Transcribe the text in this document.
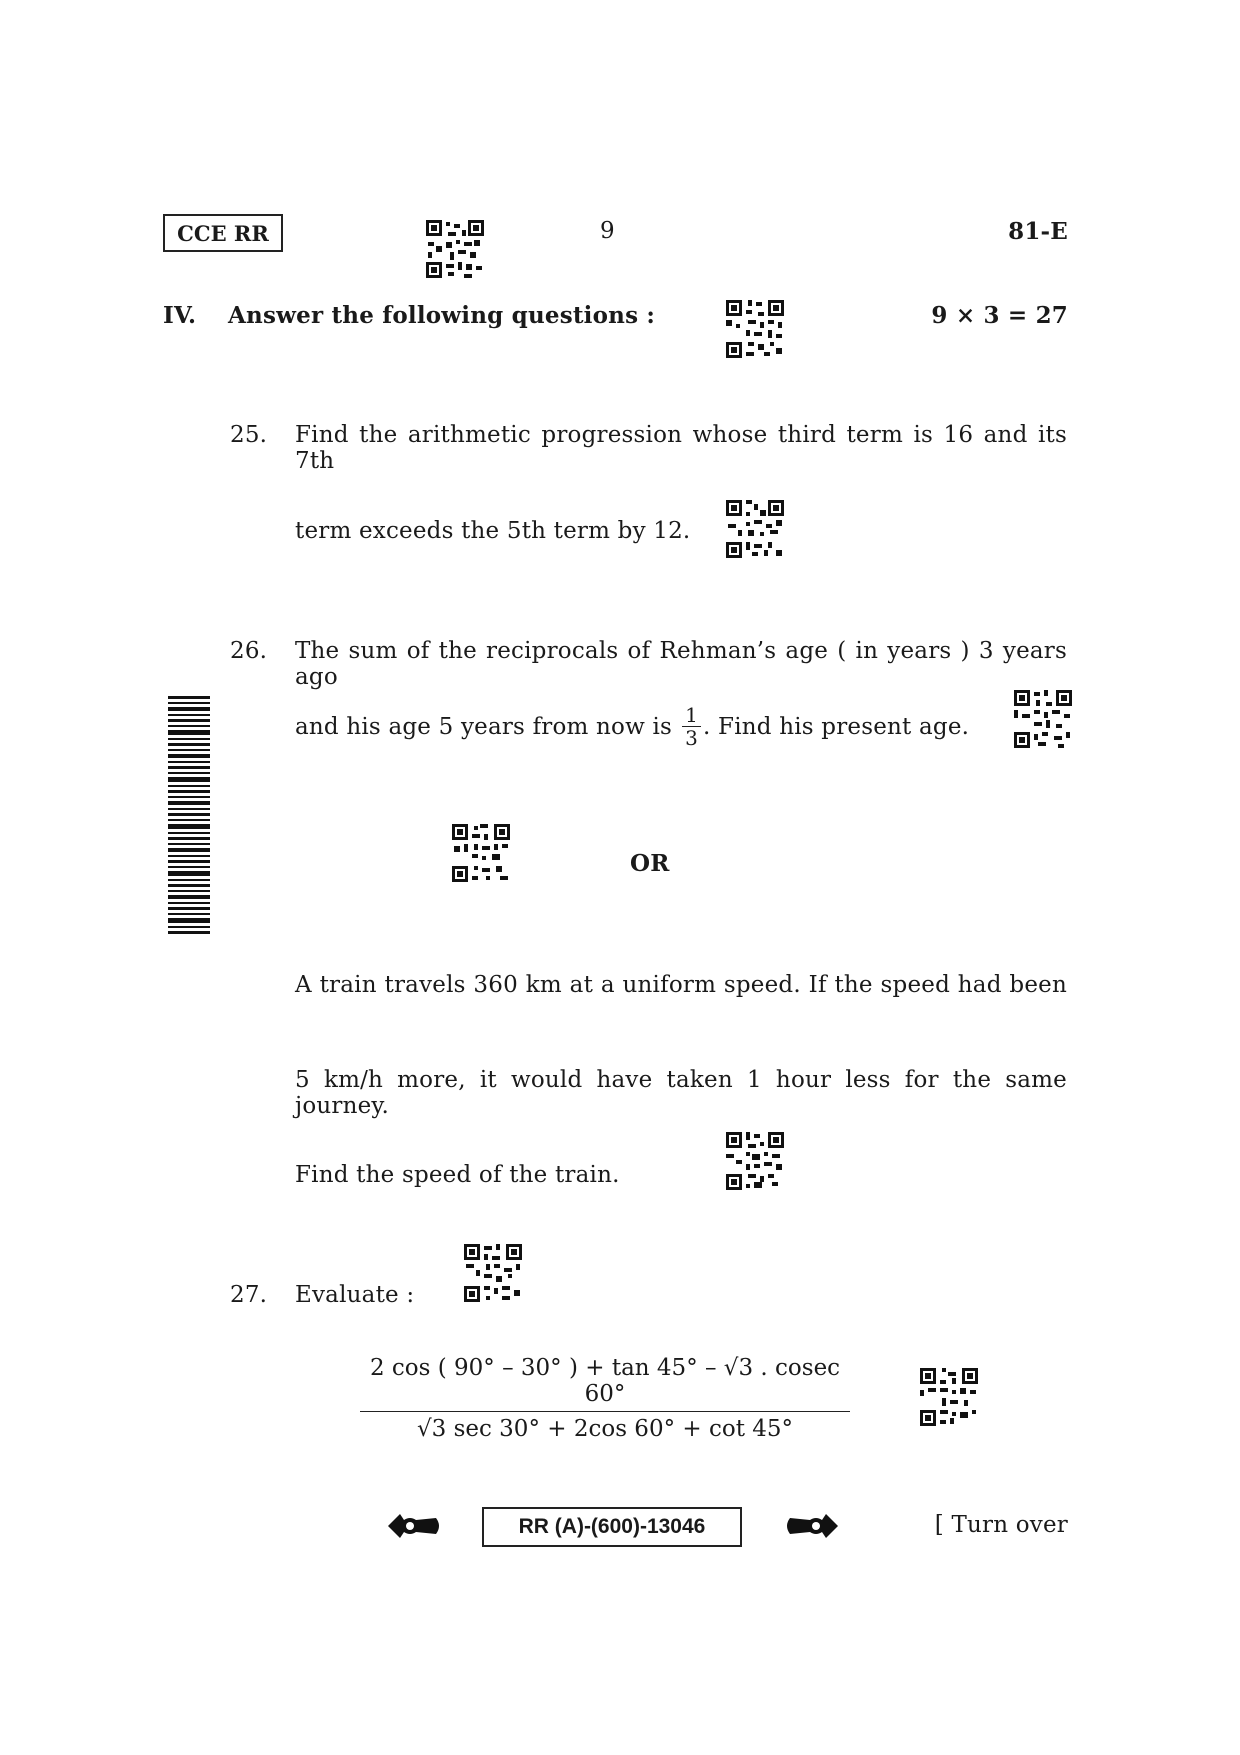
CCE RR	9	81-E
IV. Answer the following questions :	9 × 3 = 27
25. Find the arithmetic progression whose third term is 16 and its 7th
term exceeds the 5th term by 12.
26. The sum of the reciprocals of Rehman’s age ( in years ) 3 years ago
and his age 5 years from now is $\frac{1}{3}$ . Find his present age.
OR
A train travels 360 km at a uniform speed. If the speed had been
5 km/h more, it would have taken 1 hour less for the same journey.
Find the speed of the train.
27. Evaluate :
2 cos ( 90° – 30° ) + tan 45° – √3 . cosec 60°
√3 sec 30° + 2cos 60° + cot 45°
RR (A)-(600)-13046	[ Turn over
